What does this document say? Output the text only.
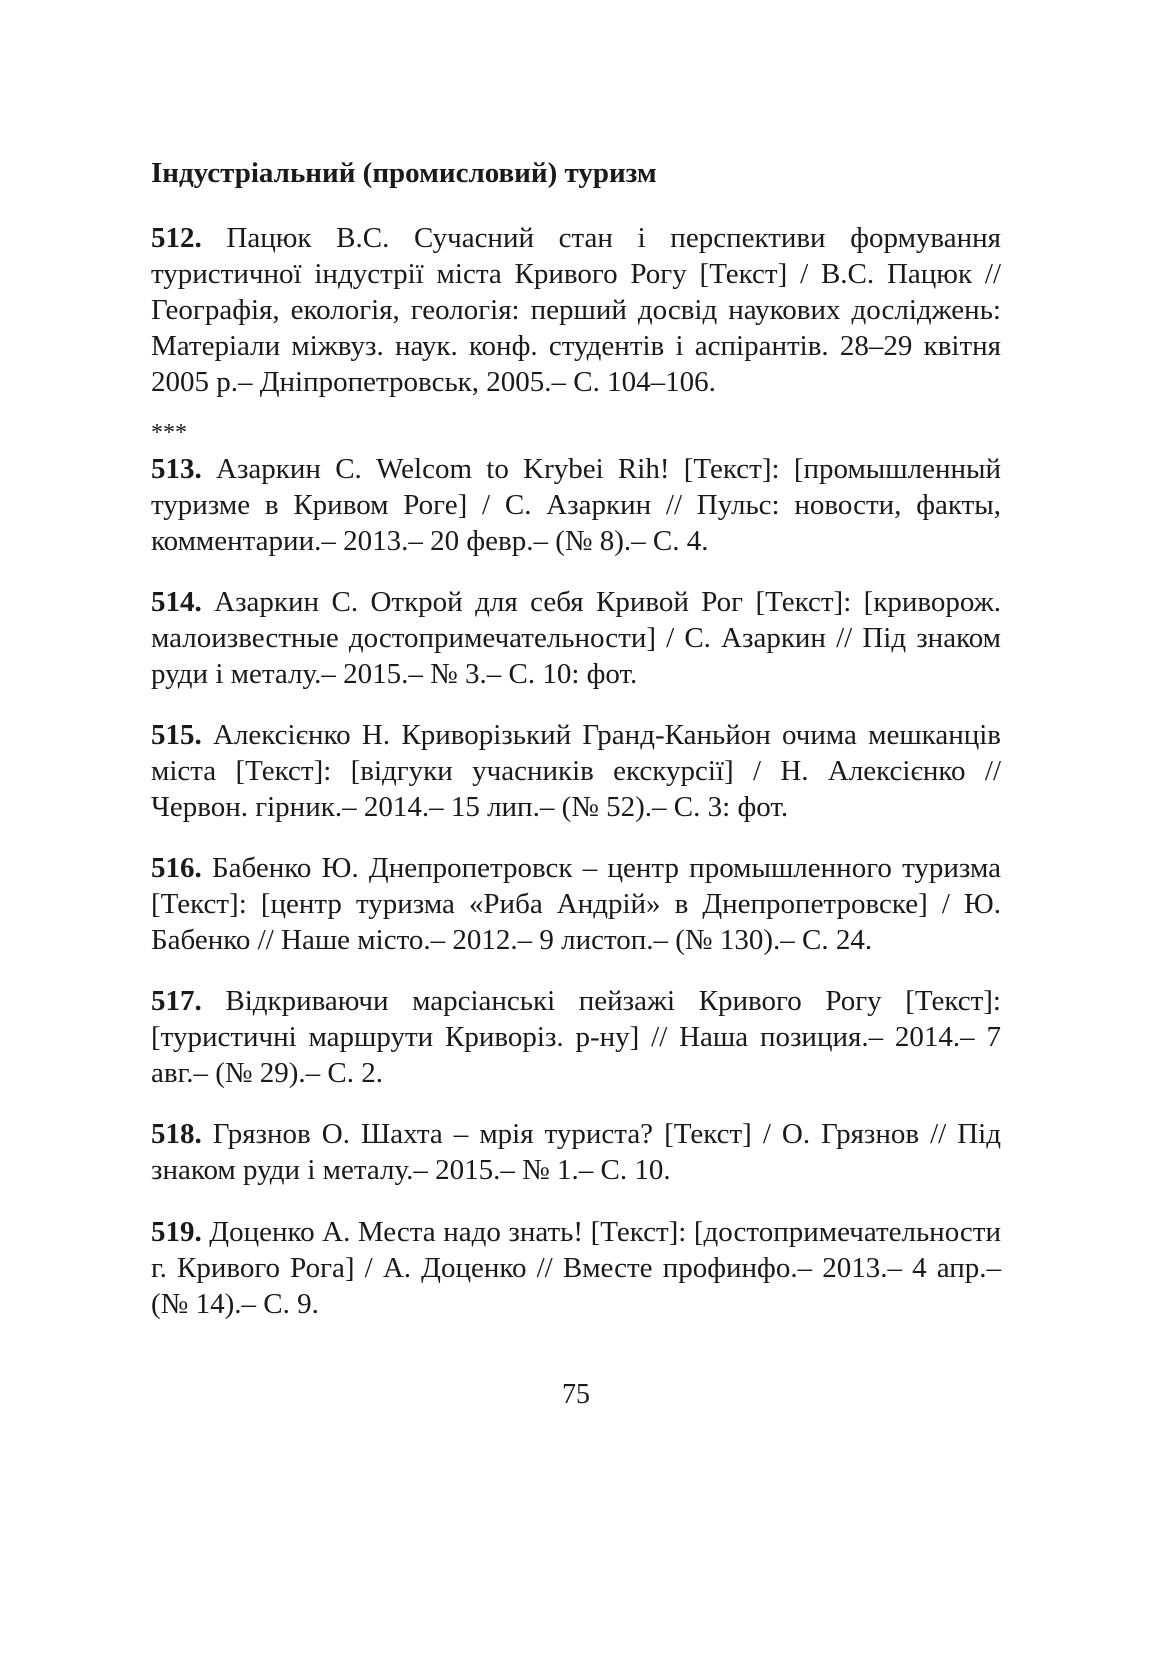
Індустріальний (промисловий) туризм

512. Пацюк В.С. Сучасний стан і перспективи формування туристичної індустрії міста Кривого Рогу [Текст] / В.С. Пацюк // Географія, екологія, геологія: перший досвід наукових досліджень: Матеріали міжвуз. наук. конф. студентів і аспірантів. 28–29 квітня 2005 р.– Дніпропетровськ, 2005.– С. 104–106.

***

513. Азаркин С. Welcom to Krybei Rih! [Текст]: [промышленный туризме в Кривом Роге] / С. Азаркин // Пульс: новости, факты, комментарии.– 2013.– 20 февр.– (№ 8).– С. 4.

514. Азаркин С. Открой для себя Кривой Рог [Текст]: [криворож. малоизвестные достопримечательности] / С. Азаркин // Під знаком руди і металу.– 2015.– № 3.– С. 10: фот.

515. Алексієнко Н. Криворізький Гранд-Каньйон очима мешканців міста [Текст]: [відгуки учасників екскурсії] / Н. Алексієнко // Червон. гірник.– 2014.– 15 лип.– (№ 52).– С. 3: фот.

516. Бабенко Ю. Днепропетровск – центр промышленного туризма [Текст]: [центр туризма «Риба Андрій» в Днепропетровске] / Ю. Бабенко // Наше місто.– 2012.– 9 листоп.– (№ 130).– С. 24.

517. Відкриваючи марсіанські пейзажі Кривого Рогу [Текст]: [туристичні маршрути Криворіз. р-ну] // Наша позиция.– 2014.– 7 авг.– (№ 29).– С. 2.

518. Грязнов О. Шахта – мрія туриста? [Текст] / О. Грязнов // Під знаком руди і металу.– 2015.– № 1.– С. 10.

519. Доценко А. Места надо знать! [Текст]: [достопримечательности г. Кривого Рога] / А. Доценко // Вместе профинфо.– 2013.– 4 апр.– (№ 14).– С. 9.

75
